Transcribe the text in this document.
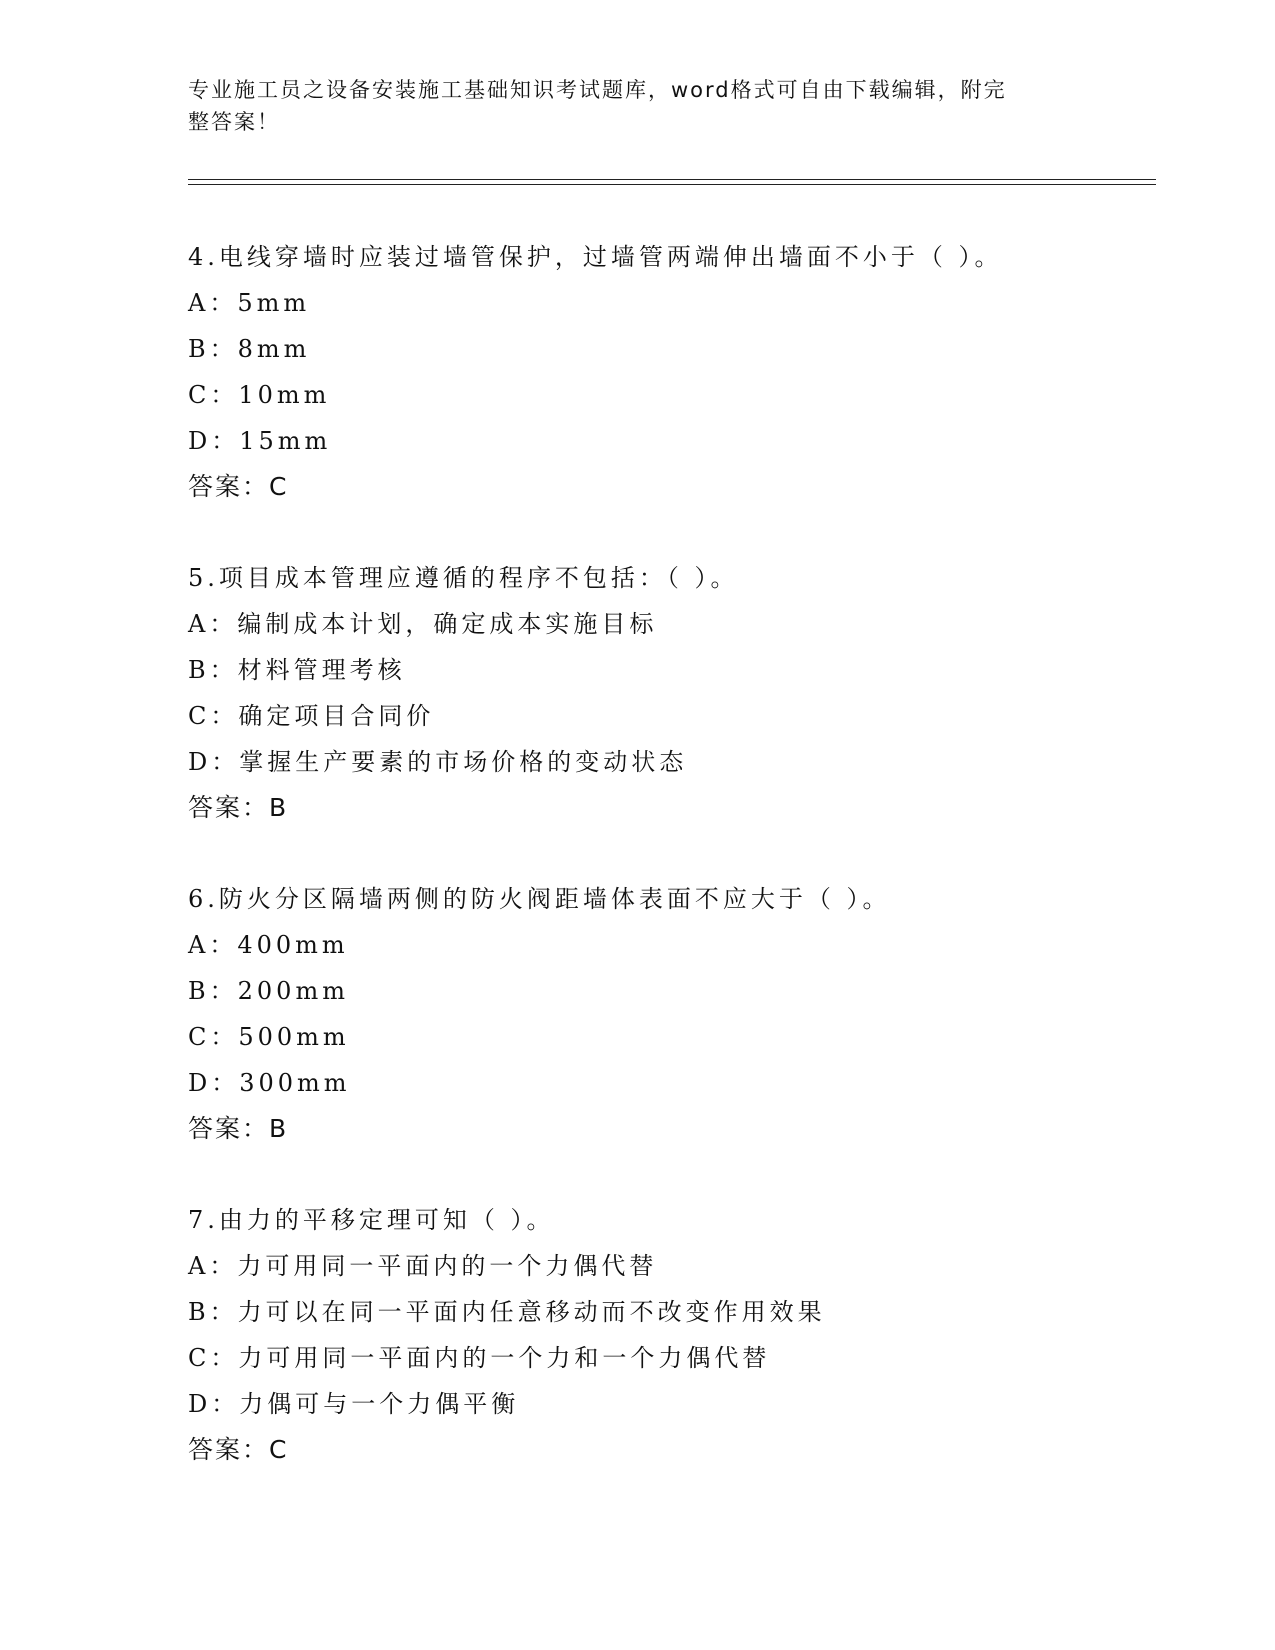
专业施工员之设备安装施工基础知识考试题库，word格式可自由下载编辑，附完
整答案！
4.电线穿墙时应装过墙管保护，过墙管两端伸出墙面不小于（ ）。
A：5mm
B：8mm
C：10mm
D：15mm
答案：C
5.项目成本管理应遵循的程序不包括：（ ）。
A：编制成本计划，确定成本实施目标
B：材料管理考核
C：确定项目合同价
D：掌握生产要素的市场价格的变动状态
答案：B
6.防火分区隔墙两侧的防火阀距墙体表面不应大于（ ）。
A：400mm
B：200mm
C：500mm
D：300mm
答案：B
7.由力的平移定理可知（ ）。
A：力可用同一平面内的一个力偶代替
B：力可以在同一平面内任意移动而不改变作用效果
C：力可用同一平面内的一个力和一个力偶代替
D：力偶可与一个力偶平衡
答案：C
